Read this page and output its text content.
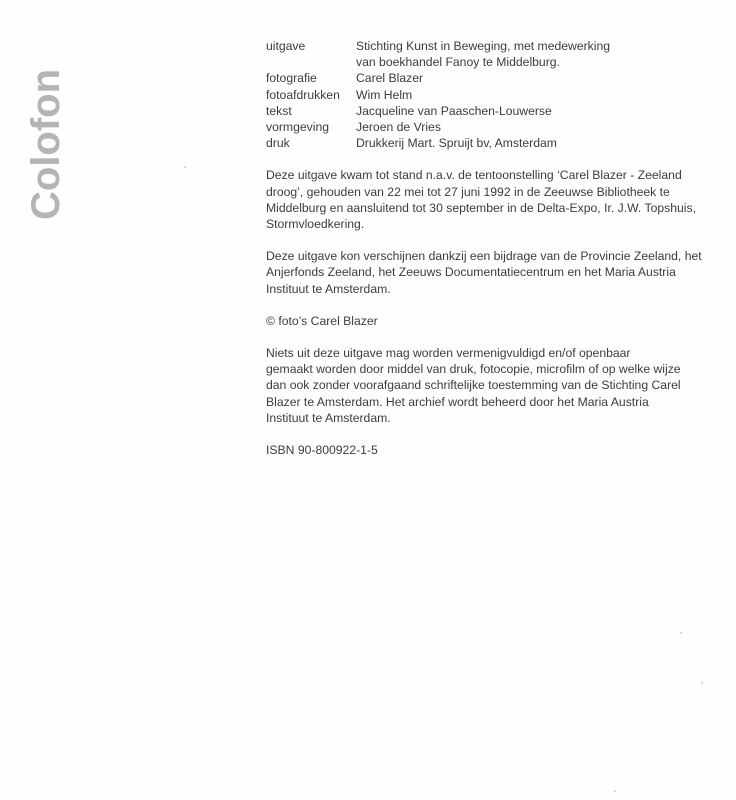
Colofon
uitgave	Stichting Kunst in Beweging, met medewerking
van boekhandel Fanoy te Middelburg.
fotografie	Carel Blazer
fotoafdrukken	Wim Helm
tekst	Jacqueline van Paaschen-Louwerse
vormgeving	Jeroen de Vries
druk	Drukkerij Mart. Spruijt bv, Amsterdam

Deze uitgave kwam tot stand n.a.v. de tentoonstelling ‘Carel Blazer - Zeeland
droog’, gehouden van 22 mei tot 27 juni 1992 in de Zeeuwse Bibliotheek te
Middelburg en aansluitend tot 30 september in de Delta-Expo, Ir. J.W. Topshuis,
Stormvloedkering.

Deze uitgave kon verschijnen dankzij een bijdrage van de Provincie Zeeland, het
Anjerfonds Zeeland, het Zeeuws Documentatiecentrum en het Maria Austria
Instituut te Amsterdam.

© foto’s Carel Blazer

Niets uit deze uitgave mag worden vermenigvuldigd en/of openbaar
gemaakt worden door middel van druk, fotocopie, microfilm of op welke wijze
dan ook zonder voorafgaand schriftelijke toestemming van de Stichting Carel
Blazer te Amsterdam. Het archief wordt beheerd door het Maria Austria
Instituut te Amsterdam.

ISBN 90-800922-1-5
